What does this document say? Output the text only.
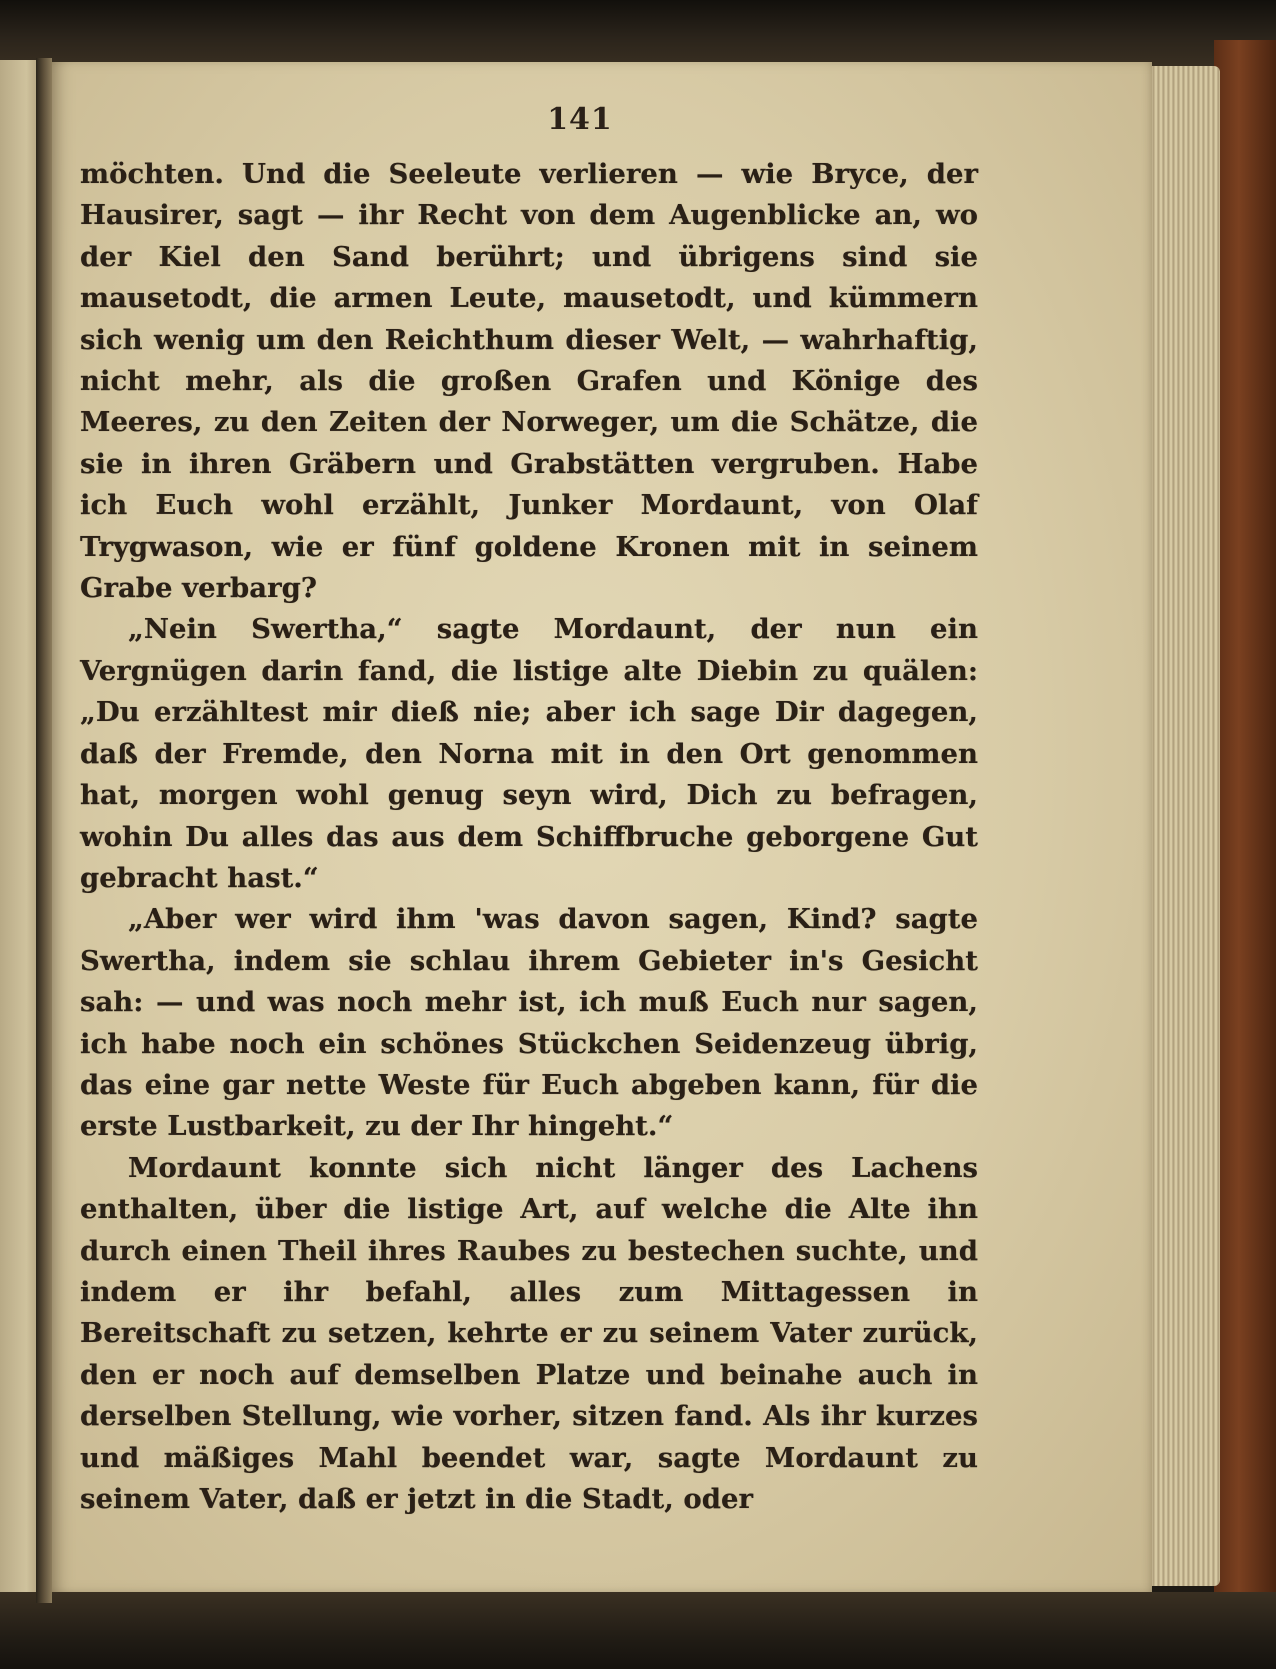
141

möchten. Und die Seeleute verlieren — wie Bryce, der Hausirer, sagt — ihr Recht von dem Augenblicke an, wo der Kiel den Sand berührt; und übrigens sind sie mausetodt, die armen Leute, mausetodt, und kümmern sich wenig um den Reichthum dieser Welt, — wahrhaftig, nicht mehr, als die großen Grafen und Könige des Meeres, zu den Zeiten der Norweger, um die Schätze, die sie in ihren Gräbern und Grabstätten vergruben. Habe ich Euch wohl erzählt, Junker Mordaunt, von Olaf Trygwason, wie er fünf goldene Kronen mit in seinem Grabe verbarg?

„Nein Swertha,“ sagte Mordaunt, der nun ein Vergnügen darin fand, die listige alte Diebin zu quälen: „Du erzähltest mir dieß nie; aber ich sage Dir dagegen, daß der Fremde, den Norna mit in den Ort genommen hat, morgen wohl genug seyn wird, Dich zu befragen, wohin Du alles das aus dem Schiffbruche geborgene Gut gebracht hast.“

„Aber wer wird ihm 'was davon sagen, Kind? sagte Swertha, indem sie schlau ihrem Gebieter in's Gesicht sah: — und was noch mehr ist, ich muß Euch nur sagen, ich habe noch ein schönes Stückchen Seidenzeug übrig, das eine gar nette Weste für Euch abgeben kann, für die erste Lustbarkeit, zu der Ihr hingeht.“

Mordaunt konnte sich nicht länger des Lachens enthalten, über die listige Art, auf welche die Alte ihn durch einen Theil ihres Raubes zu bestechen suchte, und indem er ihr befahl, alles zum Mittagessen in Bereitschaft zu setzen, kehrte er zu seinem Vater zurück, den er noch auf demselben Platze und beinahe auch in derselben Stellung, wie vorher, sitzen fand. Als ihr kurzes und mäßiges Mahl beendet war, sagte Mordaunt zu seinem Vater, daß er jetzt in die Stadt, oder
